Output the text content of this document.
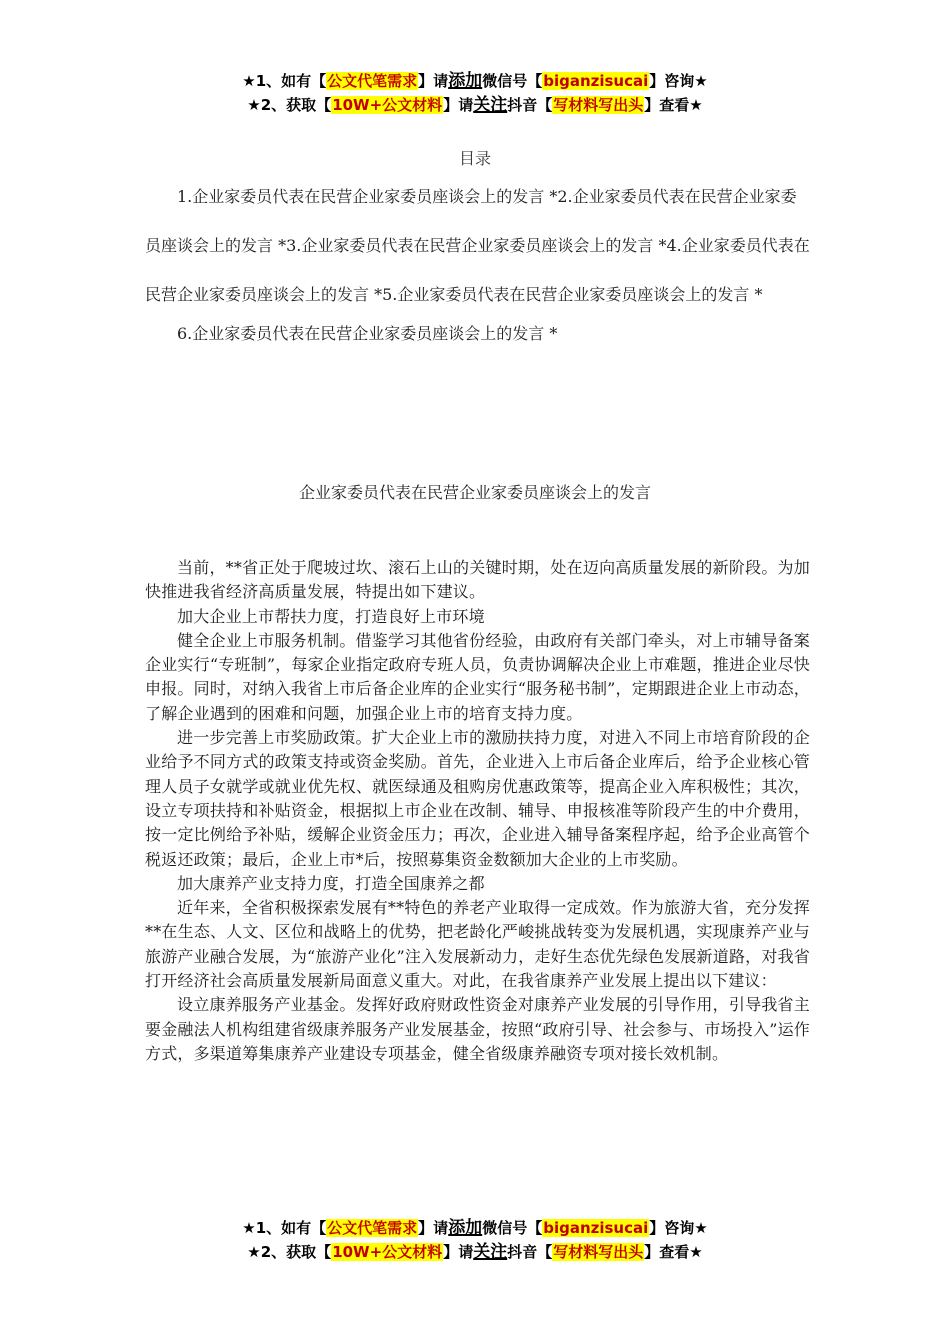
★1、如有【公文代笔需求】请添加微信号【biganzisucai】咨询★
★2、获取【10W+公文材料】请关注抖音【写材料写出头】查看★
目录

1.企业家委员代表在民营企业家委员座谈会上的发言 *2.企业家委员代表在民营企业家委员座谈会上的发言 *3.企业家委员代表在民营企业家委员座谈会上的发言 *4.企业家委员代表在民营企业家委员座谈会上的发言 *5.企业家委员代表在民营企业家委员座谈会上的发言 *
6.企业家委员代表在民营企业家委员座谈会上的发言 *

企业家委员代表在民营企业家委员座谈会上的发言

当前，**省正处于爬坡过坎、滚石上山的关键时期，处在迈向高质量发展的新阶段。为加快推进我省经济高质量发展，特提出如下建议。

加大企业上市帮扶力度，打造良好上市环境

健全企业上市服务机制。借鉴学习其他省份经验，由政府有关部门牵头，对上市辅导备案企业实行“专班制”，每家企业指定政府专班人员，负责协调解决企业上市难题，推进企业尽快申报。同时，对纳入我省上市后备企业库的企业实行“服务秘书制”，定期跟进企业上市动态，了解企业遇到的困难和问题，加强企业上市的培育支持力度。

进一步完善上市奖励政策。扩大企业上市的激励扶持力度，对进入不同上市培育阶段的企业给予不同方式的政策支持或资金奖励。首先，企业进入上市后备企业库后，给予企业核心管理人员子女就学或就业优先权、就医绿通及租购房优惠政策等，提高企业入库积极性；其次，设立专项扶持和补贴资金，根据拟上市企业在改制、辅导、申报核准等阶段产生的中介费用，按一定比例给予补贴，缓解企业资金压力；再次，企业进入辅导备案程序起，给予企业高管个税返还政策；最后，企业上市*后，按照募集资金数额加大企业的上市奖励。

加大康养产业支持力度，打造全国康养之都

近年来，全省积极探索发展有**特色的养老产业取得一定成效。作为旅游大省，充分发挥**在生态、人文、区位和战略上的优势，把老龄化严峻挑战转变为发展机遇，实现康养产业与旅游产业融合发展，为“旅游产业化”注入发展新动力，走好生态优先绿色发展新道路，对我省打开经济社会高质量发展新局面意义重大。对此，在我省康养产业发展上提出以下建议：

设立康养服务产业基金。发挥好政府财政性资金对康养产业发展的引导作用，引导我省主要金融法人机构组建省级康养服务产业发展基金，按照“政府引导、社会参与、市场投入”运作方式，多渠道筹集康养产业建设专项基金，健全省级康养融资专项对接长效机制。

★1、如有【公文代笔需求】请添加微信号【biganzisucai】咨询★
★2、获取【10W+公文材料】请关注抖音【写材料写出头】查看★
